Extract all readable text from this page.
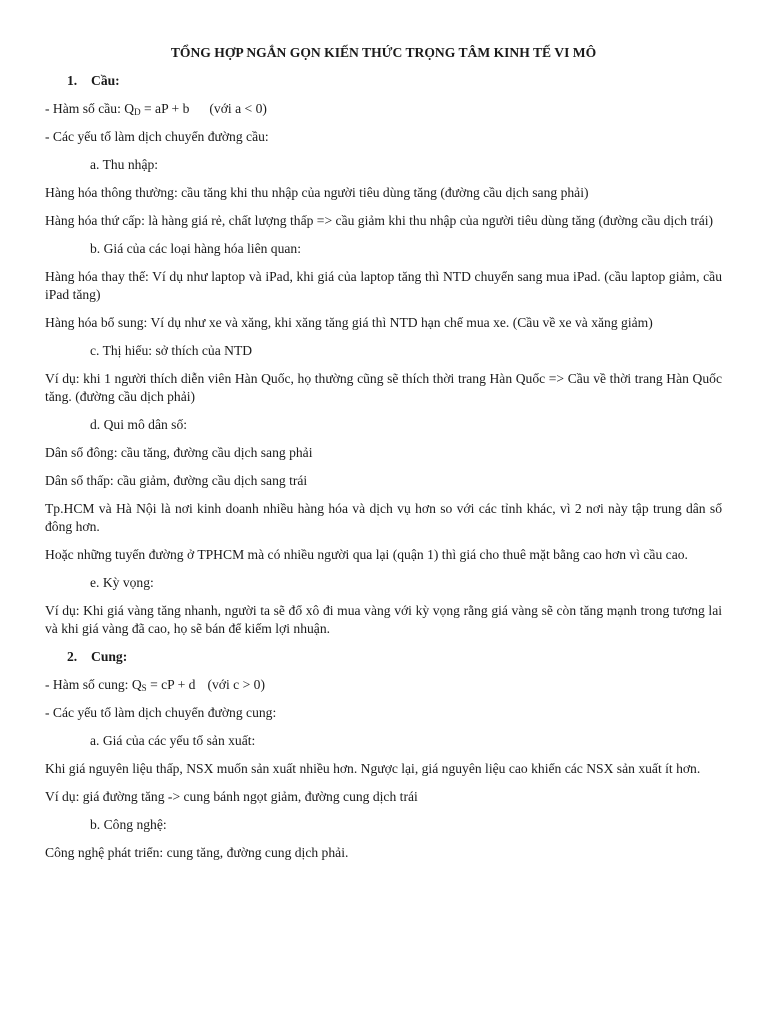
TỔNG HỢP NGẮN GỌN KIẾN THỨC TRỌNG TÂM KINH TẾ VI MÔ
1. Cầu:

- Hàm số cầu: $Q_D$ = aP + b (với a < 0)

- Các yếu tố làm dịch chuyển đường cầu:

a. Thu nhập:

Hàng hóa thông thường: cầu tăng khi thu nhập của người tiêu dùng tăng (đường cầu dịch sang phải)

Hàng hóa thứ cấp: là hàng giá rẻ, chất lượng thấp => cầu giảm khi thu nhập của người tiêu dùng tăng (đường cầu dịch trái)

b. Giá của các loại hàng hóa liên quan:

Hàng hóa thay thế: Ví dụ như laptop và iPad, khi giá của laptop tăng thì NTD chuyển sang mua iPad. (cầu laptop giảm, cầu iPad tăng)

Hàng hóa bổ sung: Ví dụ như xe và xăng, khi xăng tăng giá thì NTD hạn chế mua xe. (Cầu về xe và xăng giảm)

c. Thị hiếu: sở thích của NTD

Ví dụ: khi 1 người thích diễn viên Hàn Quốc, họ thường cũng sẽ thích thời trang Hàn Quốc => Cầu về thời trang Hàn Quốc tăng. (đường cầu dịch phải)

d. Qui mô dân số:

Dân số đông: cầu tăng, đường cầu dịch sang phải

Dân số thấp: cầu giảm, đường cầu dịch sang trái

Tp.HCM và Hà Nội là nơi kinh doanh nhiều hàng hóa và dịch vụ hơn so với các tỉnh khác, vì 2 nơi này tập trung dân số đông hơn.

Hoặc những tuyến đường ở TPHCM mà có nhiều người qua lại (quận 1) thì giá cho thuê mặt bằng cao hơn vì cầu cao.

e. Kỳ vọng:

Ví dụ: Khi giá vàng tăng nhanh, người ta sẽ đổ xô đi mua vàng với kỳ vọng rằng giá vàng sẽ còn tăng mạnh trong tương lai và khi giá vàng đã cao, họ sẽ bán để kiếm lợi nhuận.

2. Cung:

- Hàm số cung: $Q_S$ = cP + d (với c > 0)

- Các yếu tố làm dịch chuyển đường cung:

a. Giá của các yếu tố sản xuất:

Khi giá nguyên liệu thấp, NSX muốn sản xuất nhiều hơn. Ngược lại, giá nguyên liệu cao khiến các NSX sản xuất ít hơn.

Ví dụ: giá đường tăng -> cung bánh ngọt giảm, đường cung dịch trái

b. Công nghệ:

Công nghệ phát triển: cung tăng, đường cung dịch phải.
